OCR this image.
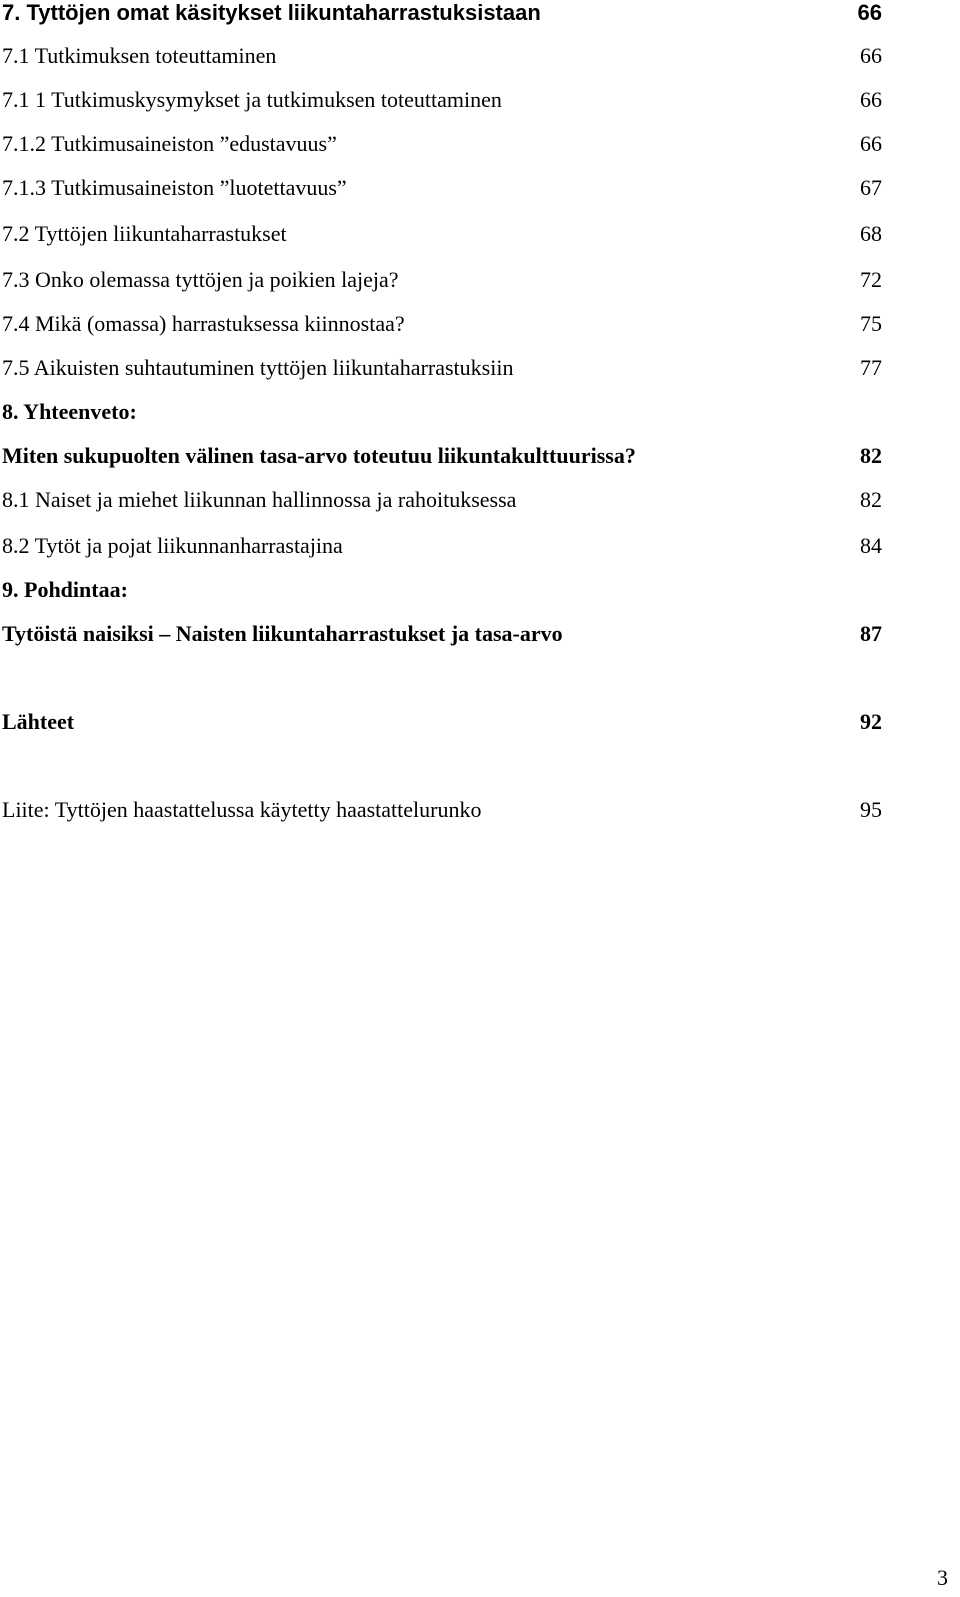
7. Tyttöjen omat käsitykset liikuntaharrastuksistaan	66
7.1 Tutkimuksen toteuttaminen	66
7.1 1 Tutkimuskysymykset ja tutkimuksen toteuttaminen	66
7.1.2 Tutkimusaineiston ”edustavuus”	66
7.1.3 Tutkimusaineiston ”luotettavuus”	67
7.2 Tyttöjen liikuntaharrastukset	68
7.3 Onko olemassa tyttöjen ja poikien lajeja?	72
7.4 Mikä (omassa) harrastuksessa kiinnostaa?	75
7.5 Aikuisten suhtautuminen tyttöjen liikuntaharrastuksiin	77
8. Yhteenveto:
Miten sukupuolten välinen tasa-arvo toteutuu liikuntakulttuurissa?	82
8.1 Naiset ja miehet liikunnan hallinnossa ja rahoituksessa	82
8.2 Tytöt ja pojat liikunnanharrastajina	84
9. Pohdintaa:
Tytöistä naisiksi – Naisten liikuntaharrastukset ja tasa-arvo	87
Lähteet	92
Liite: Tyttöjen haastattelussa käytetty haastattelurunko	95
3
